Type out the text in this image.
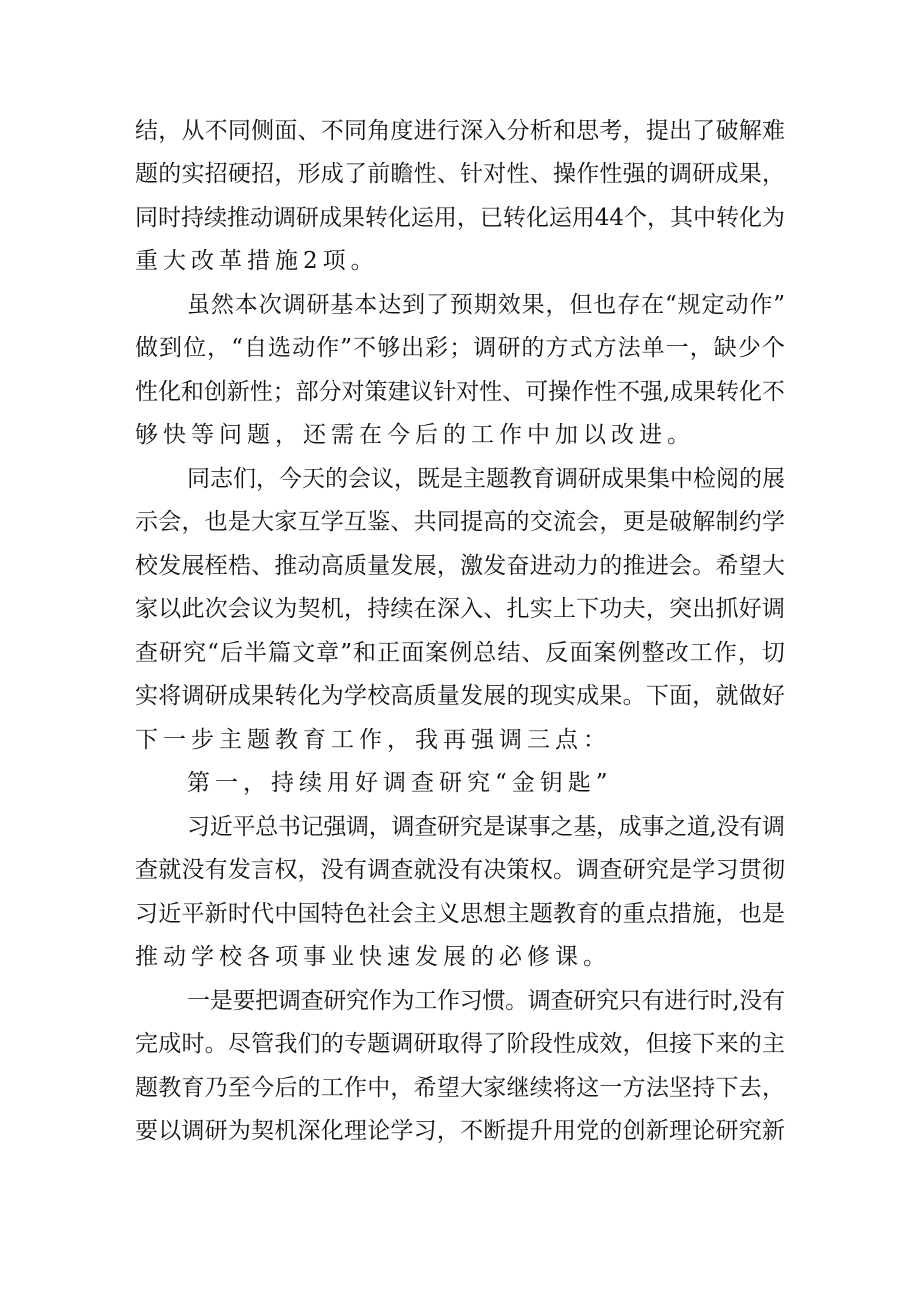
结，从不同侧面、不同角度进行深入分析和思考，提出了破解难
题的实招硬招，形成了前瞻性、针对性、操作性强的调研成果，
同时持续推动调研成果转化运用，已转化运用44个，其中转化为
重大改革措施2项。
虽然本次调研基本达到了预期效果，但也存在“规定动作”
做到位，“自选动作”不够出彩；调研的方式方法单一，缺少个
性化和创新性；部分对策建议针对性、可操作性不强,成果转化不
够快等问题，还需在今后的工作中加以改进。
同志们，今天的会议，既是主题教育调研成果集中检阅的展
示会，也是大家互学互鉴、共同提高的交流会，更是破解制约学
校发展桎梏、推动高质量发展，激发奋进动力的推进会。希望大
家以此次会议为契机，持续在深入、扎实上下功夫，突出抓好调
查研究“后半篇文章”和正面案例总结、反面案例整改工作，切
实将调研成果转化为学校高质量发展的现实成果。下面，就做好
下一步主题教育工作，我再强调三点：
第一，持续用好调查研究“金钥匙”
习近平总书记强调，调查研究是谋事之基，成事之道,没有调
查就没有发言权，没有调查就没有决策权。调查研究是学习贯彻
习近平新时代中国特色社会主义思想主题教育的重点措施，也是
推动学校各项事业快速发展的必修课。
一是要把调查研究作为工作习惯。调查研究只有进行时,没有
完成时。尽管我们的专题调研取得了阶段性成效，但接下来的主
题教育乃至今后的工作中，希望大家继续将这一方法坚持下去，
要以调研为契机深化理论学习，不断提升用党的创新理论研究新
